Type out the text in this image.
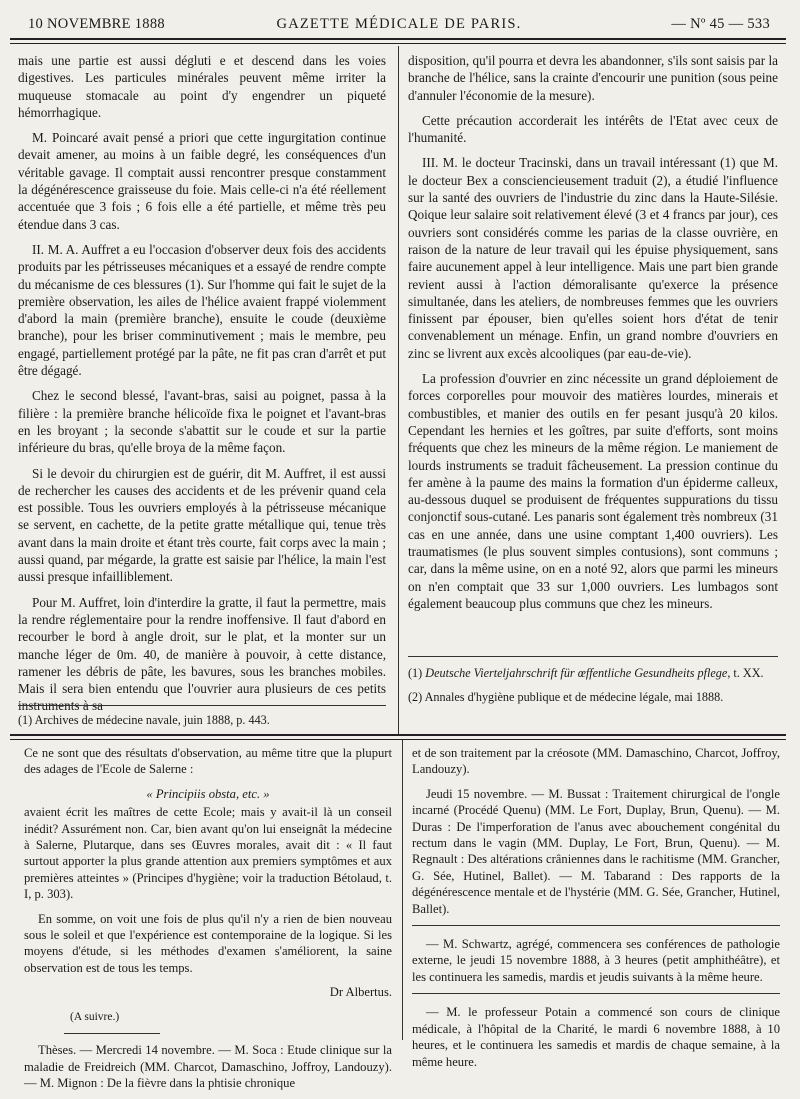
10 NOVEMBRE 1888	GAZETTE MÉDICALE DE PARIS.	— Nº 45 — 533

mais une partie est aussi dégluti e et descend dans les voies digestives. Les particules minérales peuvent même irriter la muqueuse stomacale au point d'y engendrer un piqueté hémorrhagique.

M. Poincaré avait pensé a priori que cette ingurgitation continue devait amener, au moins à un faible degré, les conséquences d'un véritable gavage. Il comptait aussi rencontrer presque constamment la dégénérescence graisseuse du foie. Mais celle-ci n'a été réellement accentuée que 3 fois ; 6 fois elle a été partielle, et même très peu étendue dans 3 cas.

II. M. A. Auffret a eu l'occasion d'observer deux fois des accidents produits par les pétrisseuses mécaniques et a essayé de rendre compte du mécanisme de ces blessures (1). Sur l'homme qui fait le sujet de la première observation, les ailes de l'hélice avaient frappé violemment d'abord la main (première branche), ensuite le coude (deuxième branche), pour les briser comminutivement ; mais le membre, peu engagé, partiellement protégé par la pâte, ne fit pas cran d'arrêt et put être dégagé.

Chez le second blessé, l'avant-bras, saisi au poignet, passa à la filière : la première branche hélicoïde fixa le poignet et l'avant-bras en les broyant ; la seconde s'abattit sur le coude et sur la partie inférieure du bras, qu'elle broya de la même façon.

Si le devoir du chirurgien est de guérir, dit M. Auffret, il est aussi de rechercher les causes des accidents et de les prévenir quand cela est possible. Tous les ouvriers employés à la pétrisseuse mécanique se servent, en cachette, de la petite gratte métallique qui, tenue très avant dans la main droite et étant très courte, fait corps avec la main ; aussi quand, par mégarde, la gratte est saisie par l'hélice, la main l'est aussi presque infailliblement.

Pour M. Auffret, loin d'interdire la gratte, il faut la permettre, mais la rendre réglementaire pour la rendre inoffensive. Il faut d'abord en recourber le bord à angle droit, sur le plat, et la monter sur un manche léger de 0m. 40, de manière à pouvoir, à cette distance, ramener les débris de pâte, les bavures, sous les branches mobiles. Mais il sera bien entendu que l'ouvrier aura plusieurs de ces petits

(1) Archives de médecine navale, juin 1888, p. 443.

disposition, qu'il pourra et devra les abandonner, s'ils sont saisis par la branche de l'hélice, sans la crainte d'encourir une punition (sous peine d'annuler l'économie de la mesure).

Cette précaution accorderait les intérêts de l'Etat avec ceux de l'humanité.

III. M. le docteur Tracinski, dans un travail intéressant (1) que M. le docteur Bex a consciencieusement traduit (2), a étudié l'influence sur la santé des ouvriers de l'industrie du zinc dans la Haute-Silésie. Qoique leur salaire soit relativement élevé (3 et 4 francs par jour), ces ouvriers sont considérés comme les parias de la classe ouvrière, en raison de la nature de leur travail qui les épuise physiquement, sans faire aucunement appel à leur intelligence. Mais une part bien grande revient aussi à l'action démoralisante qu'exerce la présence simultanée, dans les ateliers, de nombreuses femmes que les ouvriers finissent par épouser, bien qu'elles soient hors d'état de tenir convenablement un ménage. Enfin, un grand nombre d'ouvriers en zinc se livrent aux excès alcooliques (par eau-de-vie).

La profession d'ouvrier en zinc nécessite un grand déploiement de forces corporelles pour mouvoir des matières lourdes, minerais et combustibles, et manier des outils en fer pesant jusqu'à 20 kilos. Cependant les hernies et les goîtres, par suite d'efforts, sont moins fréquents que chez les mineurs de la même région. Le maniement de lourds instruments se traduit fâcheusement. La pression continue du fer amène à la paume des mains la formation d'un épiderme calleux, au-dessous duquel se produisent de fréquentes suppurations du tissu conjonctif sous-cutané. Les panaris sont également très nombreux (31 cas en une année, dans une usine comptant 1,400 ouvriers). Les traumatismes (le plus souvent simples contusions), sont communs ; car, dans la même usine, on en a noté 92, alors que parmi les mineurs on n'en comptait que 33 sur 1,000 ouvriers. Les lumbagos sont également beaucoup plus communs que chez les mineurs.

(1) Deutsche Vierteljahrschrift für œffentliche Gesundheits pflege, t. XX.

(2) Annales d'hygiène publique et de médecine légale, mai 1888.

Ce ne sont que des résultats d'observation, au même titre que la plupurt des adages de l'Ecole de Salerne :

« Principiis obsta, etc. »

avaient écrit les maîtres de cette Ecole; mais y avait-il là un conseil inédit? Assurément non. Car, bien avant qu'on lui enseignât la médecine à Salerne, Plutarque, dans ses Œuvres morales, avait dit : « Il faut surtout apporter la plus grande attention aux premiers symptômes et aux premières atteintes » (Principes d'hygiène; voir la traduction Bétolaud, t. I, p. 303).

En somme, on voit une fois de plus qu'il n'y a rien de bien nouveau sous le soleil et que l'expérience est contemporaine de la logique. Si les moyens d'étude, si les méthodes d'examen s'améliorent, la saine observation est de tous les temps.

Dr Albertus.

(A suivre.)

Thèses. — Mercredi 14 novembre. — M. Soca : Etude clinique sur la maladie de Freidreich (MM. Charcot, Damaschino, Joffroy, Landouzy). — M. Mignon : De la fièvre dans la phtisie chronique

et de son traitement par la créosote (MM. Damaschino, Charcot, Joffroy, Landouzy).

Jeudi 15 novembre. — M. Bussat : Traitement chirurgical de l'ongle incarné (Procédé Quenu) (MM. Le Fort, Duplay, Brun, Quenu). — M. Duras : De l'imperforation de l'anus avec abouchement congénital du rectum dans le vagin (MM. Duplay, Le Fort, Brun, Quenu). — M. Regnault : Des altérations crâniennes dans le rachitisme (MM. Grancher, G. Sée, Hutinel, Ballet). — M. Tabarand : Des rapports de la dégénérescence mentale et de l'hystérie (MM. G. Sée, Grancher, Hutinel, Ballet).

— M. Schwartz, agrégé, commencera ses conférences de pathologie externe, le jeudi 15 novembre 1888, à 3 heures (petit amphithéâtre), et les continuera les samedis, mardis et jeudis suivants à la même heure.

— M. le professeur Potain a commencé son cours de clinique médicale, à l'hôpital de la Charité, le mardi 6 novembre 1888, à 10 heures, et le continuera les samedis et mardis de chaque semaine, à la même heure.
